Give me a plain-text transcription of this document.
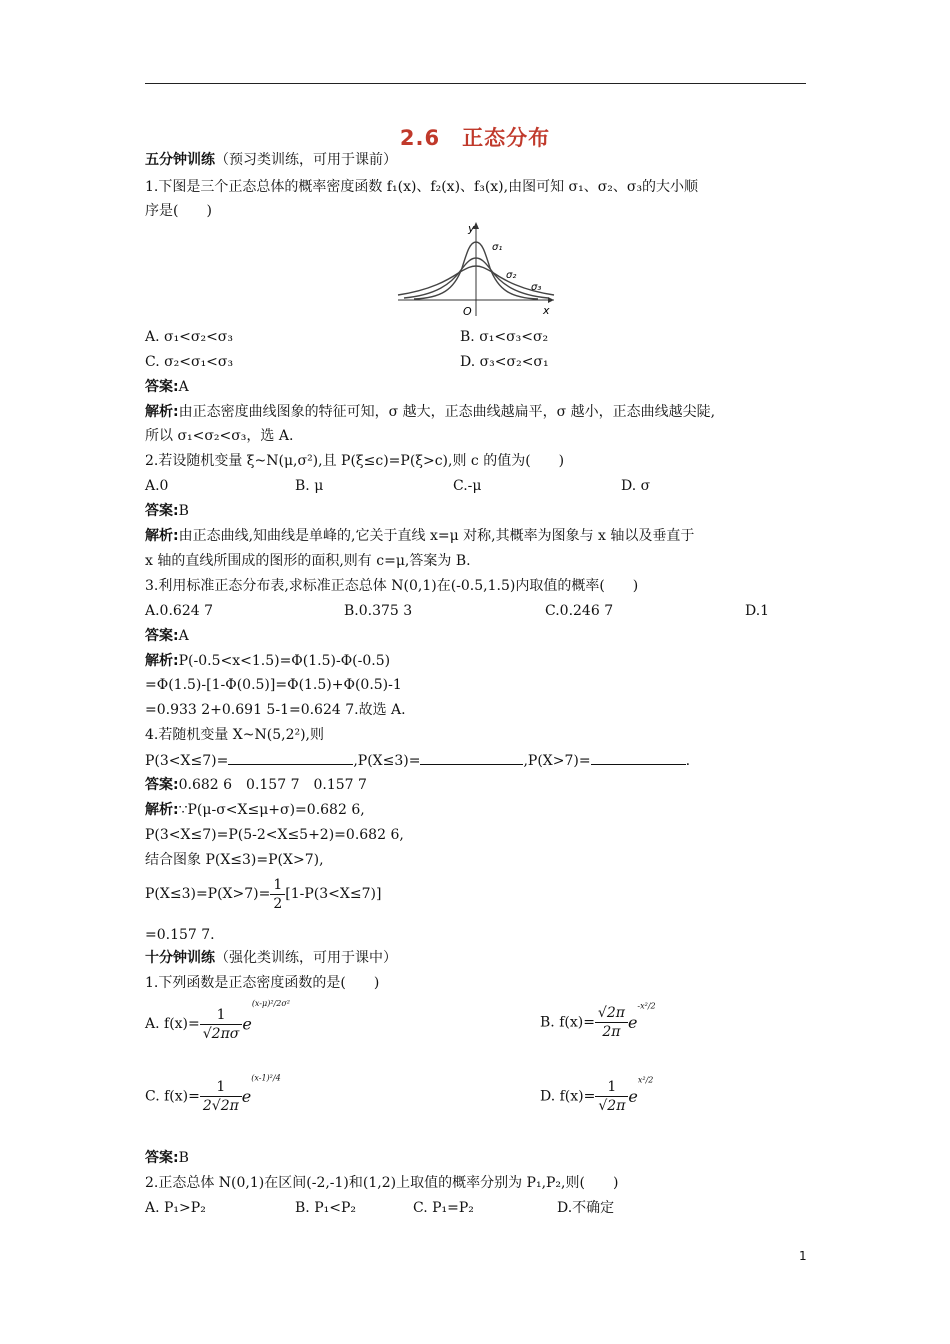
2.6　正态分布
五分钟训练（预习类训练，可用于课前）
1.下图是三个正态总体的概率密度函数 f₁(x)、f₂(x)、f₃(x),由图可知 σ₁、σ₂、σ₃的大小顺
序是(　　)
y
x
O
σ₁
σ₂
σ₃
A. σ₁<σ₂<σ₃	B. σ₁<σ₃<σ₂
C. σ₂<σ₁<σ₃	D. σ₃<σ₂<σ₁
答案:A
解析:由正态密度曲线图象的特征可知，σ 越大，正态曲线越扁平，σ 越小，正态曲线越尖陡,
所以 σ₁<σ₂<σ₃，选 A.
2.若设随机变量 ξ~N(μ,σ²),且 P(ξ≤c)=P(ξ>c),则 c 的值为(　　)
A.0	B. μ	C.-μ	D. σ
答案:B
解析:由正态曲线,知曲线是单峰的,它关于直线 x=μ 对称,其概率为图象与 x 轴以及垂直于
x 轴的直线所围成的图形的面积,则有 c=μ,答案为 B.
3.利用标准正态分布表,求标准正态总体 N(0,1)在(-0.5,1.5)内取值的概率(　　)
A.0.624 7	B.0.375 3	C.0.246 7	D.1
答案:A
解析:P(-0.5<x<1.5)=Φ(1.5)-Φ(-0.5)
=Φ(1.5)-[1-Φ(0.5)]=Φ(1.5)+Φ(0.5)-1
=0.933 2+0.691 5-1=0.624 7.故选 A.
4.若随机变量 X~N(5,2²),则
P(3<X≤7)=	,P(X≤3)=	,P(X>7)=	.
答案:0.682 6　0.157 7　0.157 7
解析:∵P(μ-σ<X≤μ+σ)=0.682 6,
P(3<X≤7)=P(5-2<X≤5+2)=0.682 6,
结合图象 P(X≤3)=P(X>7),
$P(X\le 3)=P(X>7)= \frac{1}{2} [1-P(3<X\le 7)]$
=0.157 7.
十分钟训练（强化类训练，可用于课中）
1.下列函数是正态密度函数的是(　　)
A. $f(x)= \frac{1}{√2\pi\sigma} e^{(x-\mu)^2/2\sigma^2}$
B. $f(x)= \frac{√2\pi}{2\pi} e^{-x^2/2}$
C. $f(x)= \frac{1}{2√2\pi} e^{(x-1)^2/4}$
D. $f(x)= \frac{1}{√2\pi} e^{x^2/2}$
答案:B
2.正态总体 N(0,1)在区间(-2,-1)和(1,2)上取值的概率分别为 P₁,P₂,则(　　)
A. P₁>P₂	B. P₁<P₂	C. P₁=P₂	D.不确定
1
